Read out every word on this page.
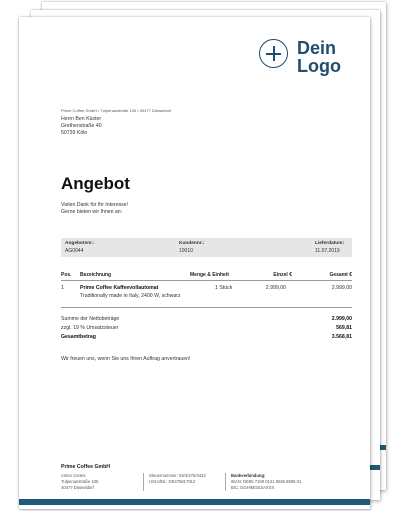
Dein
Logo
Prime Coffee GmbH • Tulpenanstraße 105 • 40477 Düsseldorf
Herrn Ben Küster
Grethenstraße 40
50739 Köln
Angebot
Vielen Dank für Ihr Interesse!
Gerne bieten wir Ihnen an:
Angebotsnr.:
AG0044
Kundennr.:
10010
Lieferdatum:
11.07.2019
Pos. Bezeichnung	Menge & Einheit	Einzel €	Gesamt €
1	Prime Coffee Kaffeevollautomat
Traditionally made in Italy, 2400 W, schwarz
1 Stück	2.999,00	2.999,00
Summe der Nettobeträge	2.999,00
zzgl. 19 % Umsatzsteuer	569,81
Gesamtbetrag	3.568,81
Wir freuen uns, wenn Sie uns Ihren Auftrag anvertrauen!
Prime Coffee GmbH
Anton Cortes
Tulpenanstraße 105
40477 Düsseldorf
Steuernummer: 03/4/276/4422
USt-IdNr.: DE475617912
Bankverbindung:
IBAN: DE85 7109 0121 9265 8606 01
BIC: DGHIMGESAXXX
